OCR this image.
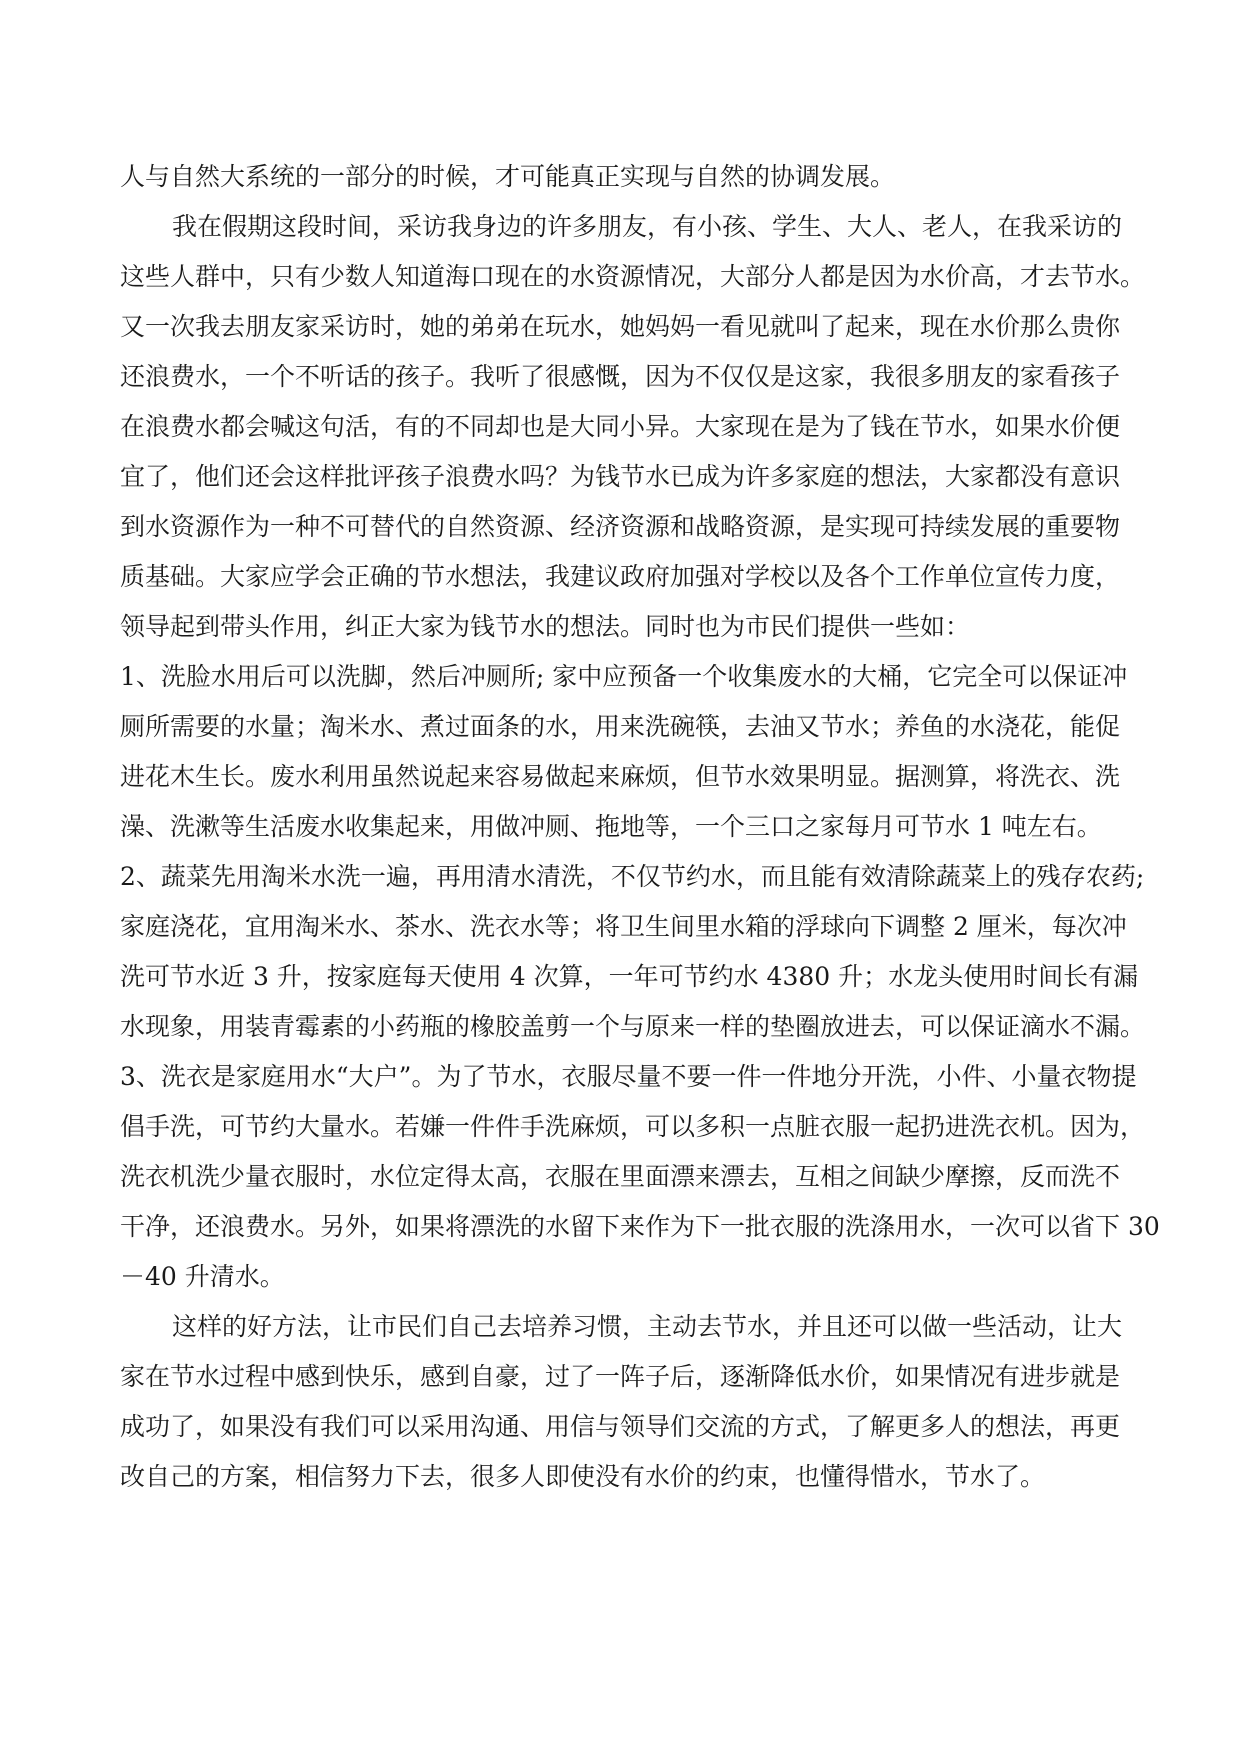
人与自然大系统的一部分的时候，才可能真正实现与自然的协调发展。
我在假期这段时间，采访我身边的许多朋友，有小孩、学生、大人、老人，在我采访的
这些人群中，只有少数人知道海口现在的水资源情况，大部分人都是因为水价高，才去节水。
又一次我去朋友家采访时，她的弟弟在玩水，她妈妈一看见就叫了起来，现在水价那么贵你
还浪费水，一个不听话的孩子。我听了很感慨，因为不仅仅是这家，我很多朋友的家看孩子
在浪费水都会喊这句活，有的不同却也是大同小异。大家现在是为了钱在节水，如果水价便
宜了，他们还会这样批评孩子浪费水吗？为钱节水已成为许多家庭的想法，大家都没有意识
到水资源作为一种不可替代的自然资源、经济资源和战略资源，是实现可持续发展的重要物
质基础。大家应学会正确的节水想法，我建议政府加强对学校以及各个工作单位宣传力度，
领导起到带头作用，纠正大家为钱节水的想法。同时也为市民们提供一些如：
1、洗脸水用后可以洗脚，然后冲厕所; 家中应预备一个收集废水的大桶，它完全可以保证冲
厕所需要的水量；淘米水、煮过面条的水，用来洗碗筷，去油又节水；养鱼的水浇花，能促
进花木生长。废水利用虽然说起来容易做起来麻烦，但节水效果明显。据测算，将洗衣、洗
澡、洗漱等生活废水收集起来，用做冲厕、拖地等，一个三口之家每月可节水 1 吨左右。
2、蔬菜先用淘米水洗一遍，再用清水清洗，不仅节约水，而且能有效清除蔬菜上的残存农药;
家庭浇花，宜用淘米水、茶水、洗衣水等；将卫生间里水箱的浮球向下调整 2 厘米，每次冲
洗可节水近 3 升，按家庭每天使用 4 次算，一年可节约水 4380 升；水龙头使用时间长有漏
水现象，用装青霉素的小药瓶的橡胶盖剪一个与原来一样的垫圈放进去，可以保证滴水不漏。
3、洗衣是家庭用水“大户”。为了节水，衣服尽量不要一件一件地分开洗，小件、小量衣物提
倡手洗，可节约大量水。若嫌一件件手洗麻烦，可以多积一点脏衣服一起扔进洗衣机。因为，
洗衣机洗少量衣服时，水位定得太高，衣服在里面漂来漂去，互相之间缺少摩擦，反而洗不
干净，还浪费水。另外，如果将漂洗的水留下来作为下一批衣服的洗涤用水，一次可以省下 30
－40 升清水。
这样的好方法，让市民们自己去培养习惯，主动去节水，并且还可以做一些活动，让大
家在节水过程中感到快乐，感到自豪，过了一阵子后，逐渐降低水价，如果情况有进步就是
成功了，如果没有我们可以采用沟通、用信与领导们交流的方式，了解更多人的想法，再更
改自己的方案，相信努力下去，很多人即使没有水价的约束，也懂得惜水，节水了。
